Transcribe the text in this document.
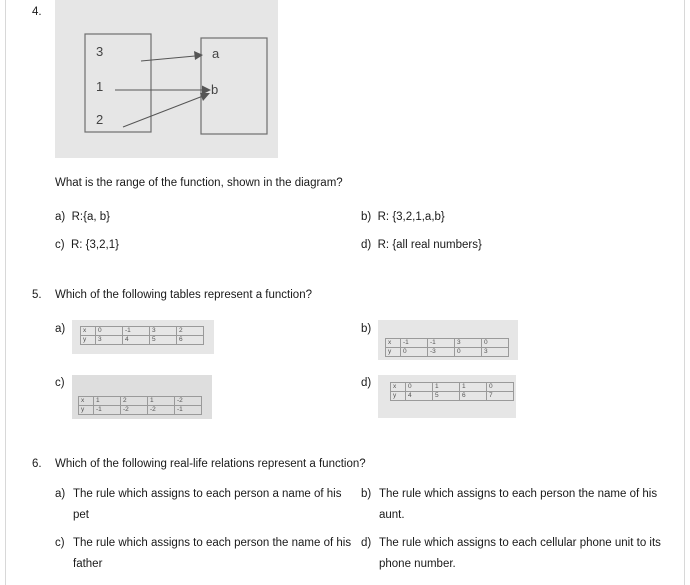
4.
3
1
2
a
b
What is the range of the function, shown in the diagram?
a) R:{a, b}	b) R: {3,2,1,a,b}
c) R: {3,2,1}	d) R: {all real numbers}
5. Which of the following tables represent a function?
a)	x	0	-1	3	2
y	3	4	5	6
b)
x	-1	-1	3	0
y	0	-3	0	3
c)
x	1	2	1	-2
y	-1	-2	-2	-1
d)	x	0	1	1	0
y	4	5	6	7
6. Which of the following real-life relations represent a function?
a) The rule which assigns to each person a name of his pet
b) The rule which assigns to each person the name of his aunt.
c) The rule which assigns to each person the name of his father
d) The rule which assigns to each cellular phone unit to its phone number.
